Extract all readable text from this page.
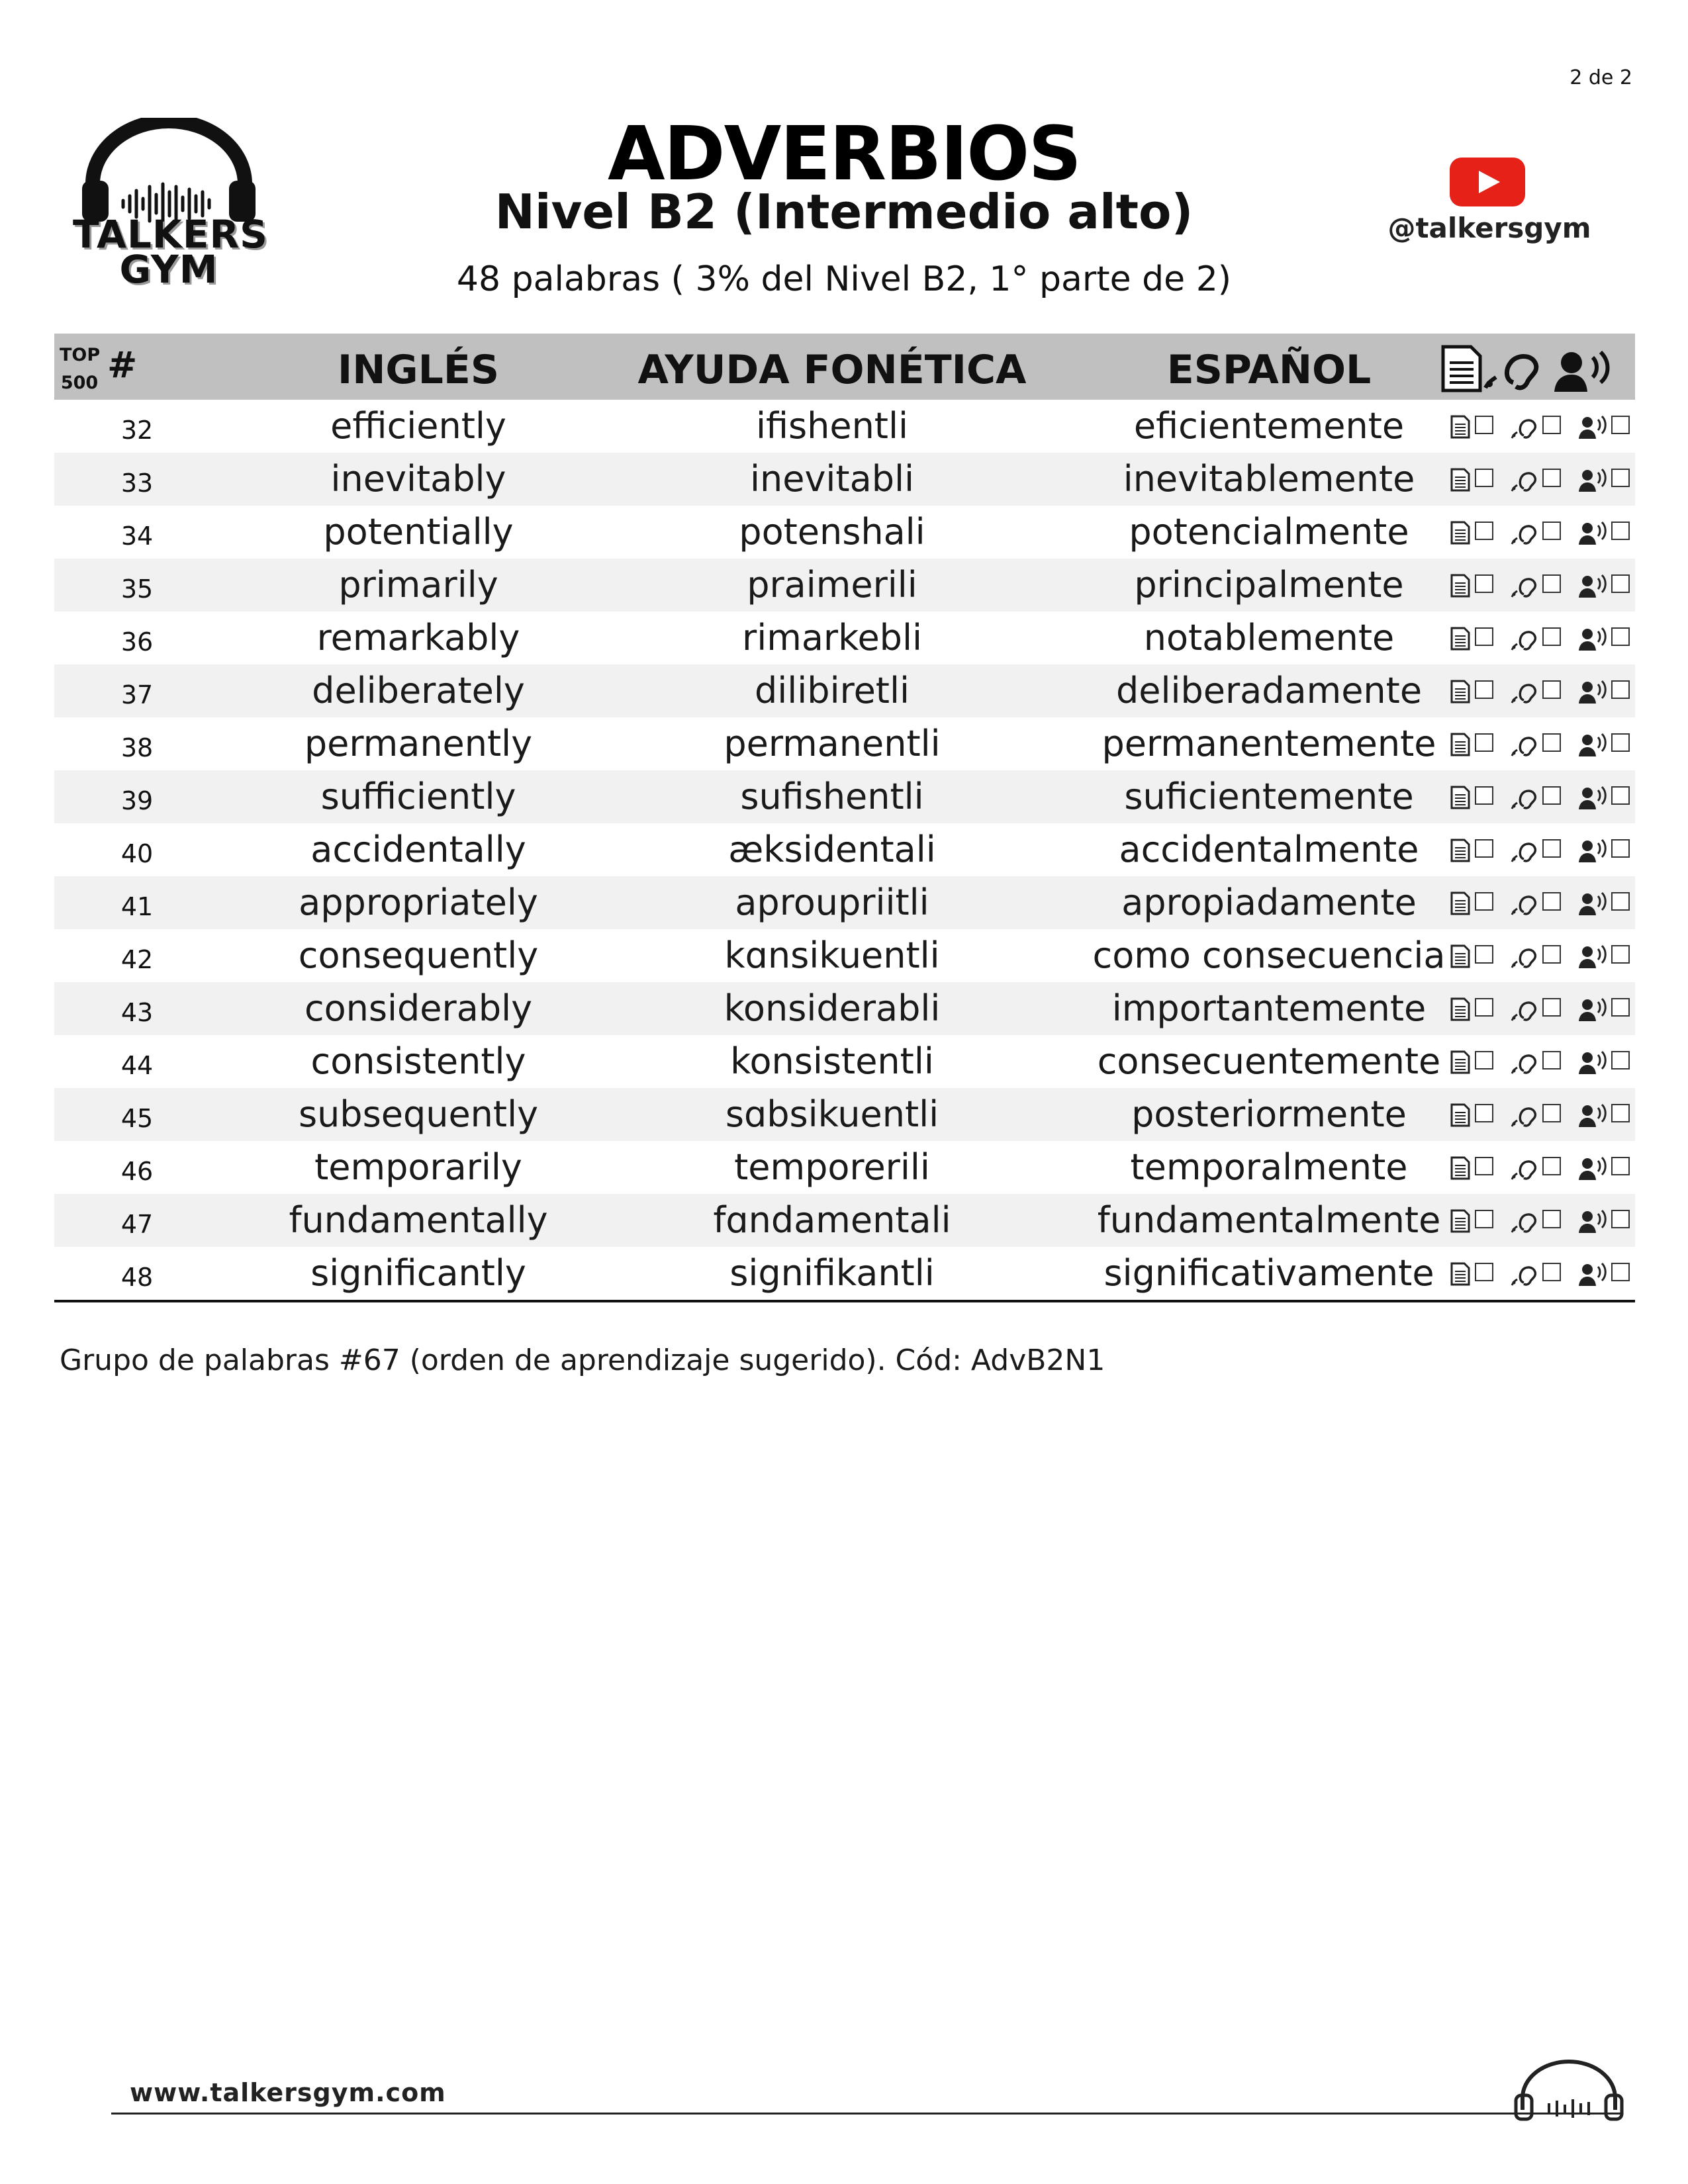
2 de 2
TALKERS
GYM
ADVERBIOS
Nivel B2 (Intermedio alto)
48 palabras ( 3% del Nivel B2, 1° parte de 2)
@talkersgym
TOP
500 #	INGLÉS	AYUDA FONÉTICA	ESPAÑOL
32	efficiently	ifishentli	eficientemente
33	inevitably	inevitabli	inevitablemente
34	potentially	potenshali	potencialmente
35	primarily	praimerili	principalmente
36	remarkably	rimarkebli	notablemente
37	deliberately	dilibiretli	deliberadamente
38	permanently	permanentli	permanentemente
39	sufficiently	sufishentli	suficientemente
40	accidentally	æksidentali	accidentalmente
41	appropriately	aproupriitli	apropiadamente
42	consequently	kɑnsikuentli	como consecuencia
43	considerably	konsiderabli	importantemente
44	consistently	konsistentli	consecuentemente
45	subsequently	sɑbsikuentli	posteriormente
46	temporarily	temporerili	temporalmente
47	fundamentally	fɑndamentali	fundamentalmente
48	significantly	signifikantli	significativamente
Grupo de palabras #67 (orden de aprendizaje sugerido). Cód: AdvB2N1
www.talkersgym.com
